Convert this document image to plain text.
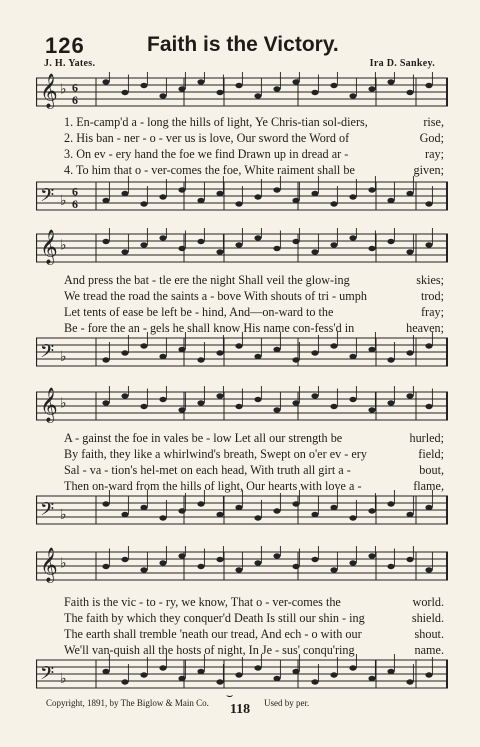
126	Faith is the Victory.
J. H. Yates.	Ira D. Sankey.
𝄞 ♭
6
6
𝄢 ♭ 6
6
1. En-camp'd a - long the hills of light, Ye Chris-tian sol-diers,	rise,
2. His ban - ner - o - ver us is love, Our sword the Word of	God;
3. On ev - ery hand the foe we find Drawn up in dread ar -	ray;
4. To him that o - ver-comes the foe, White raiment shall be	given;
𝄞 ♭
𝄢 ♭
And press the bat - tle ere the night Shall veil the glow-ing	skies;
We tread the road the saints a - bove With shouts of tri - umph	trod;
Let tents of ease be left be - hind, And—on-ward to the	fray;
Be - fore the an - gels he shall know His name con-fess'd in	heaven;
𝄞 ♭
𝄢 ♭
A - gainst the foe in vales be - low Let all our strength be	hurled;
By faith, they like a whirlwind's breath, Swept on o'er ev - ery	field;
Sal - va - tion's hel-met on each head, With truth all girt a -	bout,
Then on-ward from the hills of light, Our hearts with love a -	flame,
𝄞 ♭
𝄢 ♭
Faith is the vic - to - ry, we know, That o - ver-comes the	world.
The faith by which they conquer'd Death Is still our shin - ing	shield.
The earth shall tremble 'neath our tread, And ech - o with our	shout.
We'll van-quish all the hosts of night, In Je - sus' conqu'ring	name.
Copyright, 1891, by The Biglow & Main Co.
⌣
Used by per.
118
